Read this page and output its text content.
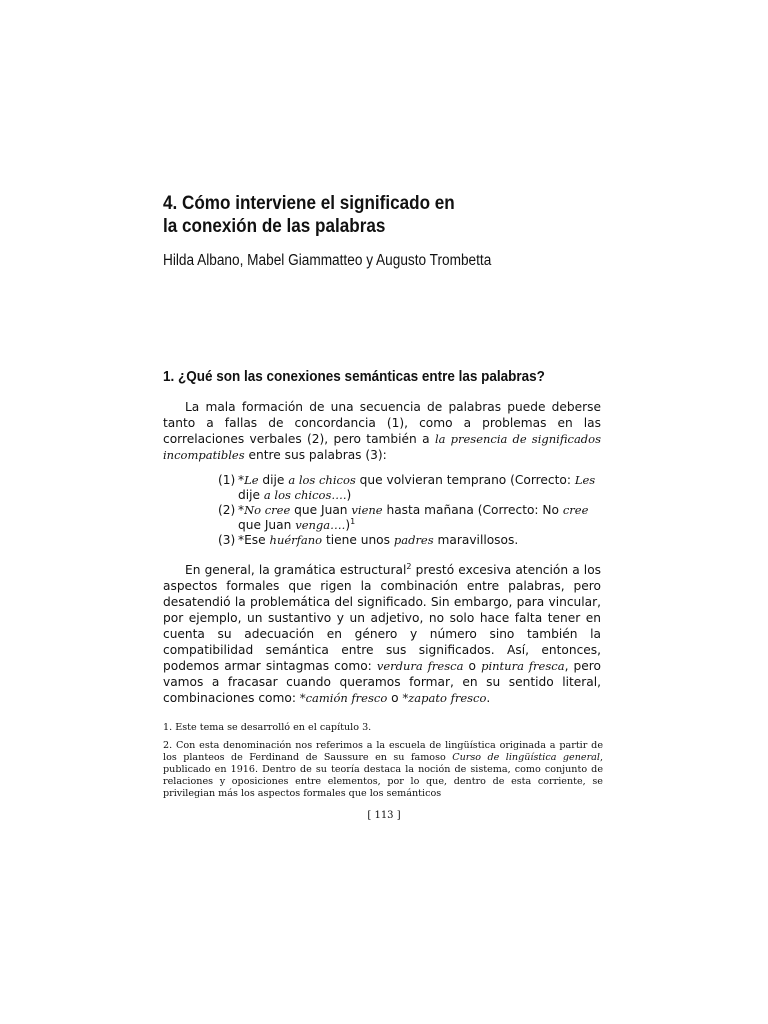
4. Cómo interviene el significado en
la conexión de las palabras

Hilda Albano, Mabel Giammatteo y Augusto Trombetta

1. ¿Qué son las conexiones semánticas entre las palabras?

La mala formación de una secuencia de palabras puede deberse tanto a fallas de concordancia (1), como a problemas en las correlaciones verbales (2), pero también a la presencia de significados incompatibles entre sus palabras (3):

(1) *Le dije a los chicos que volvieran temprano (Correcto: Les dije a los chicos….)
(2) *No cree que Juan viene hasta mañana (Correcto: No cree que Juan venga….)$^1$
(3) *Ese huérfano tiene unos padres maravillosos.

En general, la gramática estructural$^2$ prestó excesiva atención a los aspectos formales que rigen la combinación entre palabras, pero desatendió la problemática del significado. Sin embargo, para vincular, por ejemplo, un sustantivo y un adjetivo, no solo hace falta tener en cuenta su adecuación en género y número sino también la compatibilidad semántica entre sus significados. Así, entonces, podemos armar sintagmas como: verdura fresca o pintura fresca, pero vamos a fracasar cuando queramos formar, en su sentido literal, combinaciones como: *camión fresco o *zapato fresco.

1. Este tema se desarrolló en el capítulo 3.

2. Con esta denominación nos referimos a la escuela de lingüística originada a partir de los planteos de Ferdinand de Saussure en su famoso Curso de lingüística general, publicado en 1916. Dentro de su teoría destaca la noción de sistema, como conjunto de relaciones y oposiciones entre elementos, por lo que, dentro de esta corriente, se privilegian más los aspectos formales que los semánticos

[ 113 ]
